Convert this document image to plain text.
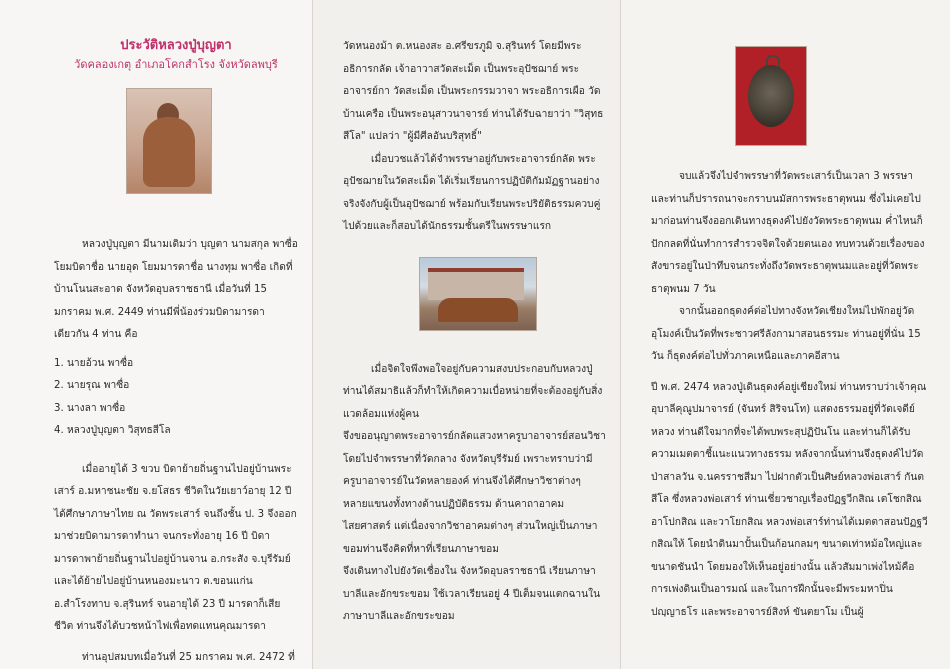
ประวัติหลวงปู่บุญตา
วัดคลองเกตุ อำเภอโคกสำโรง จังหวัดลพบุรี

หลวงปู่บุญตา มีนามเดิมว่า บุญตา นามสกุล พาซื่อ โยมบิดาชื่อ นายอุด โยมมารดาชื่อ นางทุม พาซื่อ เกิดที่บ้านโนนสะอาด จังหวัดอุบลราชธานี เมื่อวันที่ 15 มกราคม พ.ศ. 2449 ท่านมีพี่น้องร่วมบิดามารดาเดียวกัน 4 ท่าน คือ

1. นายอ้วน พาซื่อ
2. นายรุณ พาซื่อ
3. นางลา พาซื่อ
4. หลวงปู่บุญตา วิสุทธสีโล

เมื่ออายุได้ 3 ขวบ บิดาย้ายถิ่นฐานไปอยู่บ้านพระเสาร์ อ.มหาชนะชัย จ.ยโสธร ชีวิตในวัยเยาว์อายุ 12 ปี ได้ศึกษาภาษาไทย ณ วัดพระเสาร์ จนถึงชั้น ป. 3 จึงออกมาช่วยบิดามารดาทำนา จนกระทั่งอายุ 16 ปี บิดามารดาพาย้ายถิ่นฐานไปอยู่บ้านจาน อ.กระสัง จ.บุรีรัมย์ และได้ย้ายไปอยู่บ้านหนองมะนาว ต.ขอนแก่น อ.สำโรงทาบ จ.สุรินทร์ จนอายุได้ 23 ปี มารดาก็เสียชีวิต ท่านจึงได้บวชหน้าไฟเพื่อทดแทนคุณมารดา

ท่านอุปสมบทเมื่อวันที่ 25 มกราคม พ.ศ. 2472 ที่

วัดหนองม้า ต.หนองสะ อ.ศรีขรภูมิ จ.สุรินทร์ โดยมีพระอธิการกลัด เจ้าอาวาสวัดสะเม็ด เป็นพระอุปัชฌาย์ พระอาจารย์กา วัดสะเม็ด เป็นพระกรรมวาจา พระอธิการเผือ วัดบ้านเครือ เป็นพระอนุสาวนาจารย์ ท่านได้รับฉายาว่า "วิสุทธสีโล" แปลว่า "ผู้มีศีลอันบริสุทธิ์"

เมื่อบวชแล้วได้จำพรรษาอยู่กับพระอาจารย์กลัด พระอุปัชฌายในวัดสะเม็ด ได้เริ่มเรียนการปฏิบัติกัมมัฏฐานอย่างจริงจังกับผู้เป็นอุปัชฌาย์ พร้อมกับเรียนพระปริยัติธรรมควบคู่ไปด้วยและก็สอบได้นักธรรมชั้นตรีในพรรษาแรก

เมื่อจิตใจพึงพอใจอยู่กับความสงบประกอบกับหลวงปู่ท่านได้สมาธิแล้วก็ทำให้เกิดความเบื่อหน่ายที่จะต้องอยู่กับสิ่งแวดล้อมแห่งผู้คน

จึงขออนุญาตพระอาจารย์กลัดแสวงหาครูบาอาจารย์สอนวิชาโดยไปจำพรรษาที่วัดกลาง จังหวัดบุรีรัมย์ เพราะทราบว่ามีครูบาอาจารย์ในวัดหลายองค์ ท่านจึงได้ศึกษาวิชาต่างๆ หลายแขนงทั้งทางด้านปฏิบัติธรรม ด้านคาถาอาคม ไสยศาสตร์ แต่เนื่องจากวิชาอาคมต่างๆ ส่วนใหญ่เป็นภาษาขอมท่านจึงคิดที่หาที่เรียนภาษาขอม

จึงเดินทางไปยังวัดเชื่องใน จังหวัดอุบลราชธานี เรียนภาษาบาลีและอักขระขอม ใช้เวลาเรียนอยู่ 4 ปีเต็มจนแตกฉานในภาษาบาลีและอักขระขอม

จบแล้วจึงไปจำพรรษาที่วัดพระเสาร์เป็นเวลา 3 พรรษาและท่านก็ปรารถนาจะกราบนมัสการพระธาตุพนม ซึ่งไม่เคยไปมาก่อนท่านจึงออกเดินทางธุดงค์ไปยังวัดพระธาตุพนม ค่ำไหนก็ปักกลดที่นั่นทำการสำรวจจิตใจด้วยตนเอง ทบทวนด้วยเรื่องของสังขารอยู่ในป่าทึบจนกระทั่งถึงวัดพระธาตุพนมและอยู่ที่วัดพระธาตุพนม 7 วัน

จากนั้นออกธุดงค์ต่อไปทางจังหวัดเชียงใหม่ไปพักอยู่วัดอุโมงค์เป็นวัดที่พระชาวศรีลังกามาสอนธรรมะ ท่านอยู่ที่นั่น 15 วัน ก็ธุดงค์ต่อไปทั่วภาคเหนือและภาคอีสาน

ปี พ.ศ. 2474 หลวงปู่เดินธุดงค์อยู่เชียงใหม่ ท่านทราบว่าเจ้าคุณอุบาลีคุณูปมาจารย์ (จันทร์ สิริจนโท) แสดงธรรมอยู่ที่วัดเจดีย์หลวง ท่านดีใจมากที่จะได้พบพระสุปฏิปันโน และท่านก็ได้รับความเมตตาชี้แนะแนวทางธรรม หลังจากนั้นท่านจึงธุดงค์ไปวัดป่าสาลวัน จ.นครราชสีมา ไปฝากตัวเป็นศิษย์หลวงพ่อเสาร์ กันตสีโล ซึ่งหลวงพ่อเสาร์ ท่านเชี่ยวชาญเรื่องปัฏฐวีกสิณ เตโชกสิณ อาโปกสิณ และวาโยกสิณ หลวงพ่อเสาร์ท่านได้เมตตาสอนปัฏฐวีกสิณให้ โดยนำดินมาปั้นเป็นก้อนกลมๆ ขนาดเท่าหม้อใหญ่และขนาดชันนำ โดยมองให้เห็นอยู่อย่างนั้น แล้วสัมมาเพ่งไหม้คือ การเพ่งดินเป็นอารมณ์ และในการฝึกนั้นจะมีพระมหาปิ่น ปญฺญาธโร และพระอาจารย์สิงห์ ขันตยาโม เป็นผู้
